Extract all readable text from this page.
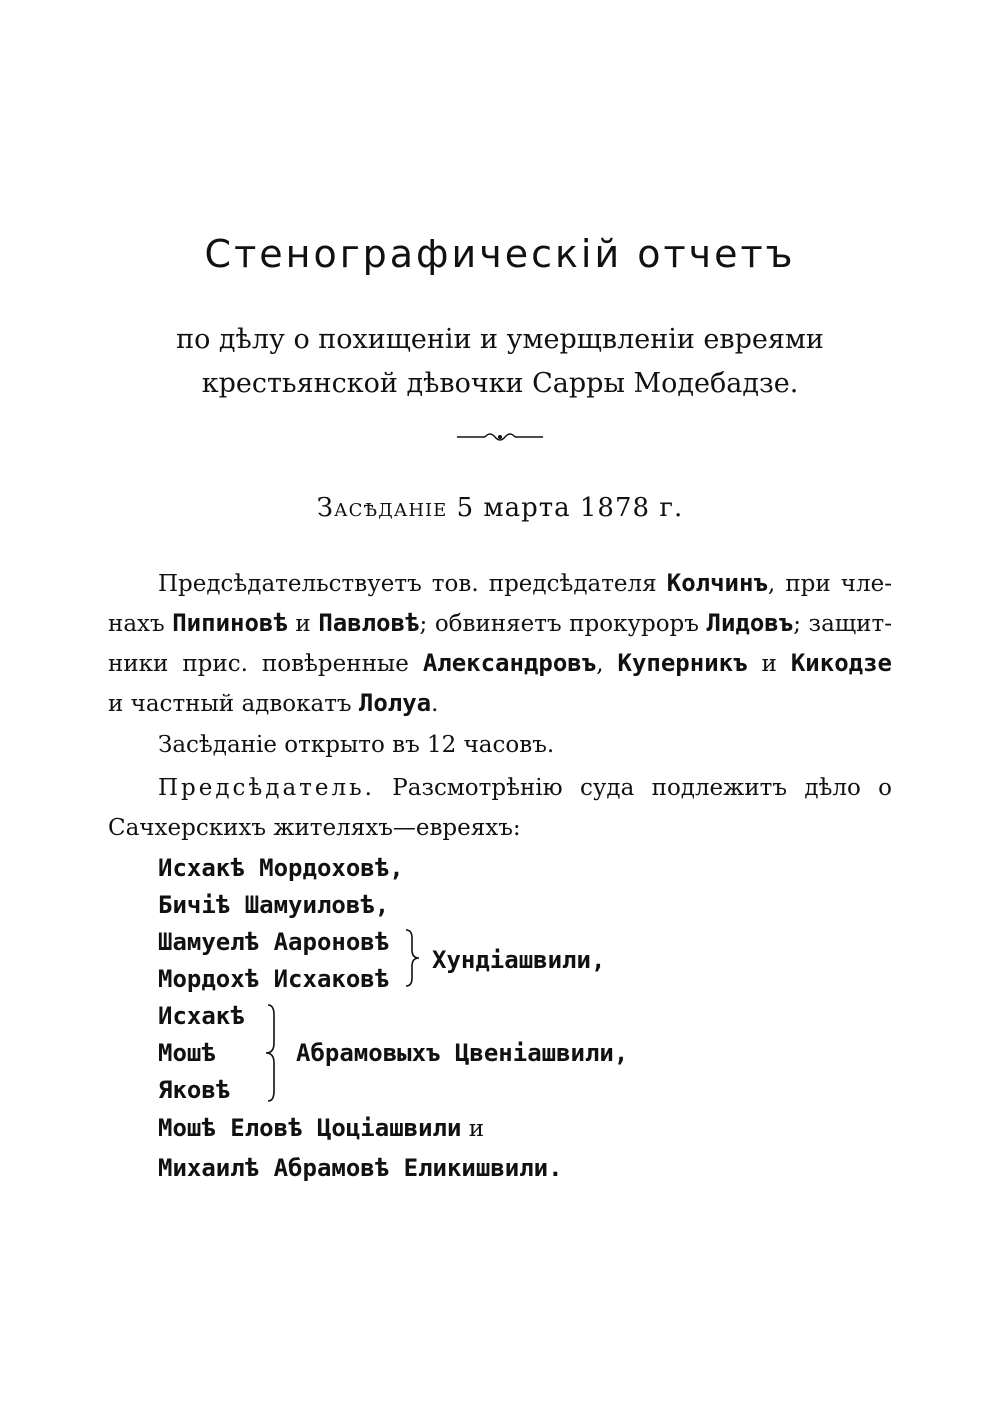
Стенографическій отчетъ
по дѣлу о похищеніи и умерщвленіи евреями крестьянской дѣвочки Сарры Модебадзе.
Засѣданіе 5 марта 1878 г.
Предсѣдательствуетъ тов. предсѣдателя Колчинъ, при чле-
нахъ Пипиновѣ и Павловѣ; обвиняетъ прокуроръ Лидовъ; защит-
ники прис. повѣренные Александровъ, Куперникъ и Кикодзе
и частный адвокатъ Лолуа.
Засѣданіе открыто въ 12 часовъ.
Предсѣдатель. Разсмотрѣнію суда подлежитъ дѣло о
Сачхерскихъ жителяхъ—евреяхъ:
Исхакѣ Мордоховѣ,
Бичіѣ Шамуиловѣ,
Шамуелѣ Аароновѣ
Мордохѣ Исхаковѣ
Хундіашвили,
Исхакѣ
Мошѣ
Яковѣ
Абрамовыхъ Цвеніашвили,
Мошѣ Еловѣ Цоціашвили и
Михаилѣ Абрамовѣ Еликишвили.
